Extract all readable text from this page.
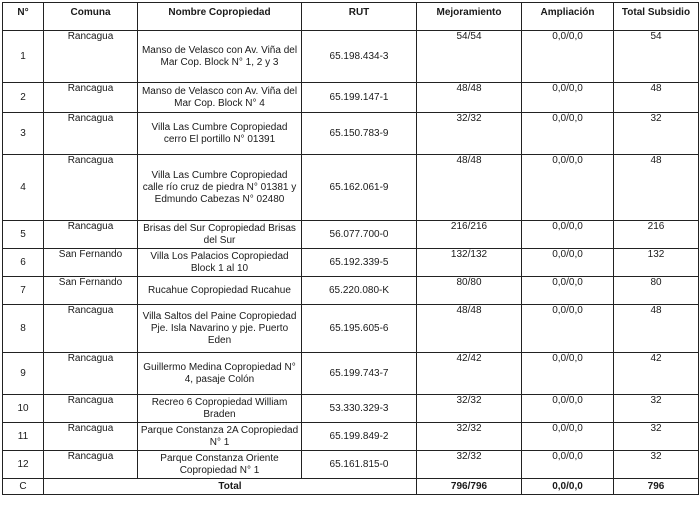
N°	Comuna	Nombre Copropiedad	RUT	Mejoramiento	Ampliación	Total Subsidio
1	Rancagua	Manso de Velasco con Av. Viña del Mar Cop. Block N° 1, 2 y 3	65.198.434-3	54/54	0,0/0,0	54
2	Rancagua	Manso de Velasco con Av. Viña del Mar Cop. Block N° 4	65.199.147-1	48/48	0,0/0,0	48
3	Rancagua	Villa Las Cumbre Copropiedad cerro El portillo N° 01391	65.150.783-9	32/32	0,0/0,0	32
4	Rancagua	Villa Las Cumbre Copropiedad calle río cruz de piedra N° 01381 y Edmundo Cabezas N° 02480	65.162.061-9	48/48	0,0/0,0	48
5	Rancagua	Brisas del Sur Copropiedad Brisas del Sur	56.077.700-0	216/216	0,0/0,0	216
6	San Fernando	Villa Los Palacios Copropiedad Block 1 al 10	65.192.339-5	132/132	0,0/0,0	132
7	San Fernando	Rucahue Copropiedad Rucahue	65.220.080-K	80/80	0,0/0,0	80
8	Rancagua	Villa Saltos del Paine Copropiedad Pje. Isla Navarino y pje. Puerto Eden	65.195.605-6	48/48	0,0/0,0	48
9	Rancagua	Guillermo Medina Copropiedad N° 4, pasaje Colón	65.199.743-7	42/42	0,0/0,0	42
10	Rancagua	Recreo 6 Copropiedad William Braden	53.330.329-3	32/32	0,0/0,0	32
11	Rancagua	Parque Constanza 2A Copropiedad N° 1	65.199.849-2	32/32	0,0/0,0	32
12	Rancagua	Parque Constanza Oriente Copropiedad N° 1	65.161.815-0	32/32	0,0/0,0	32
C	Total			796/796	0,0/0,0	796
